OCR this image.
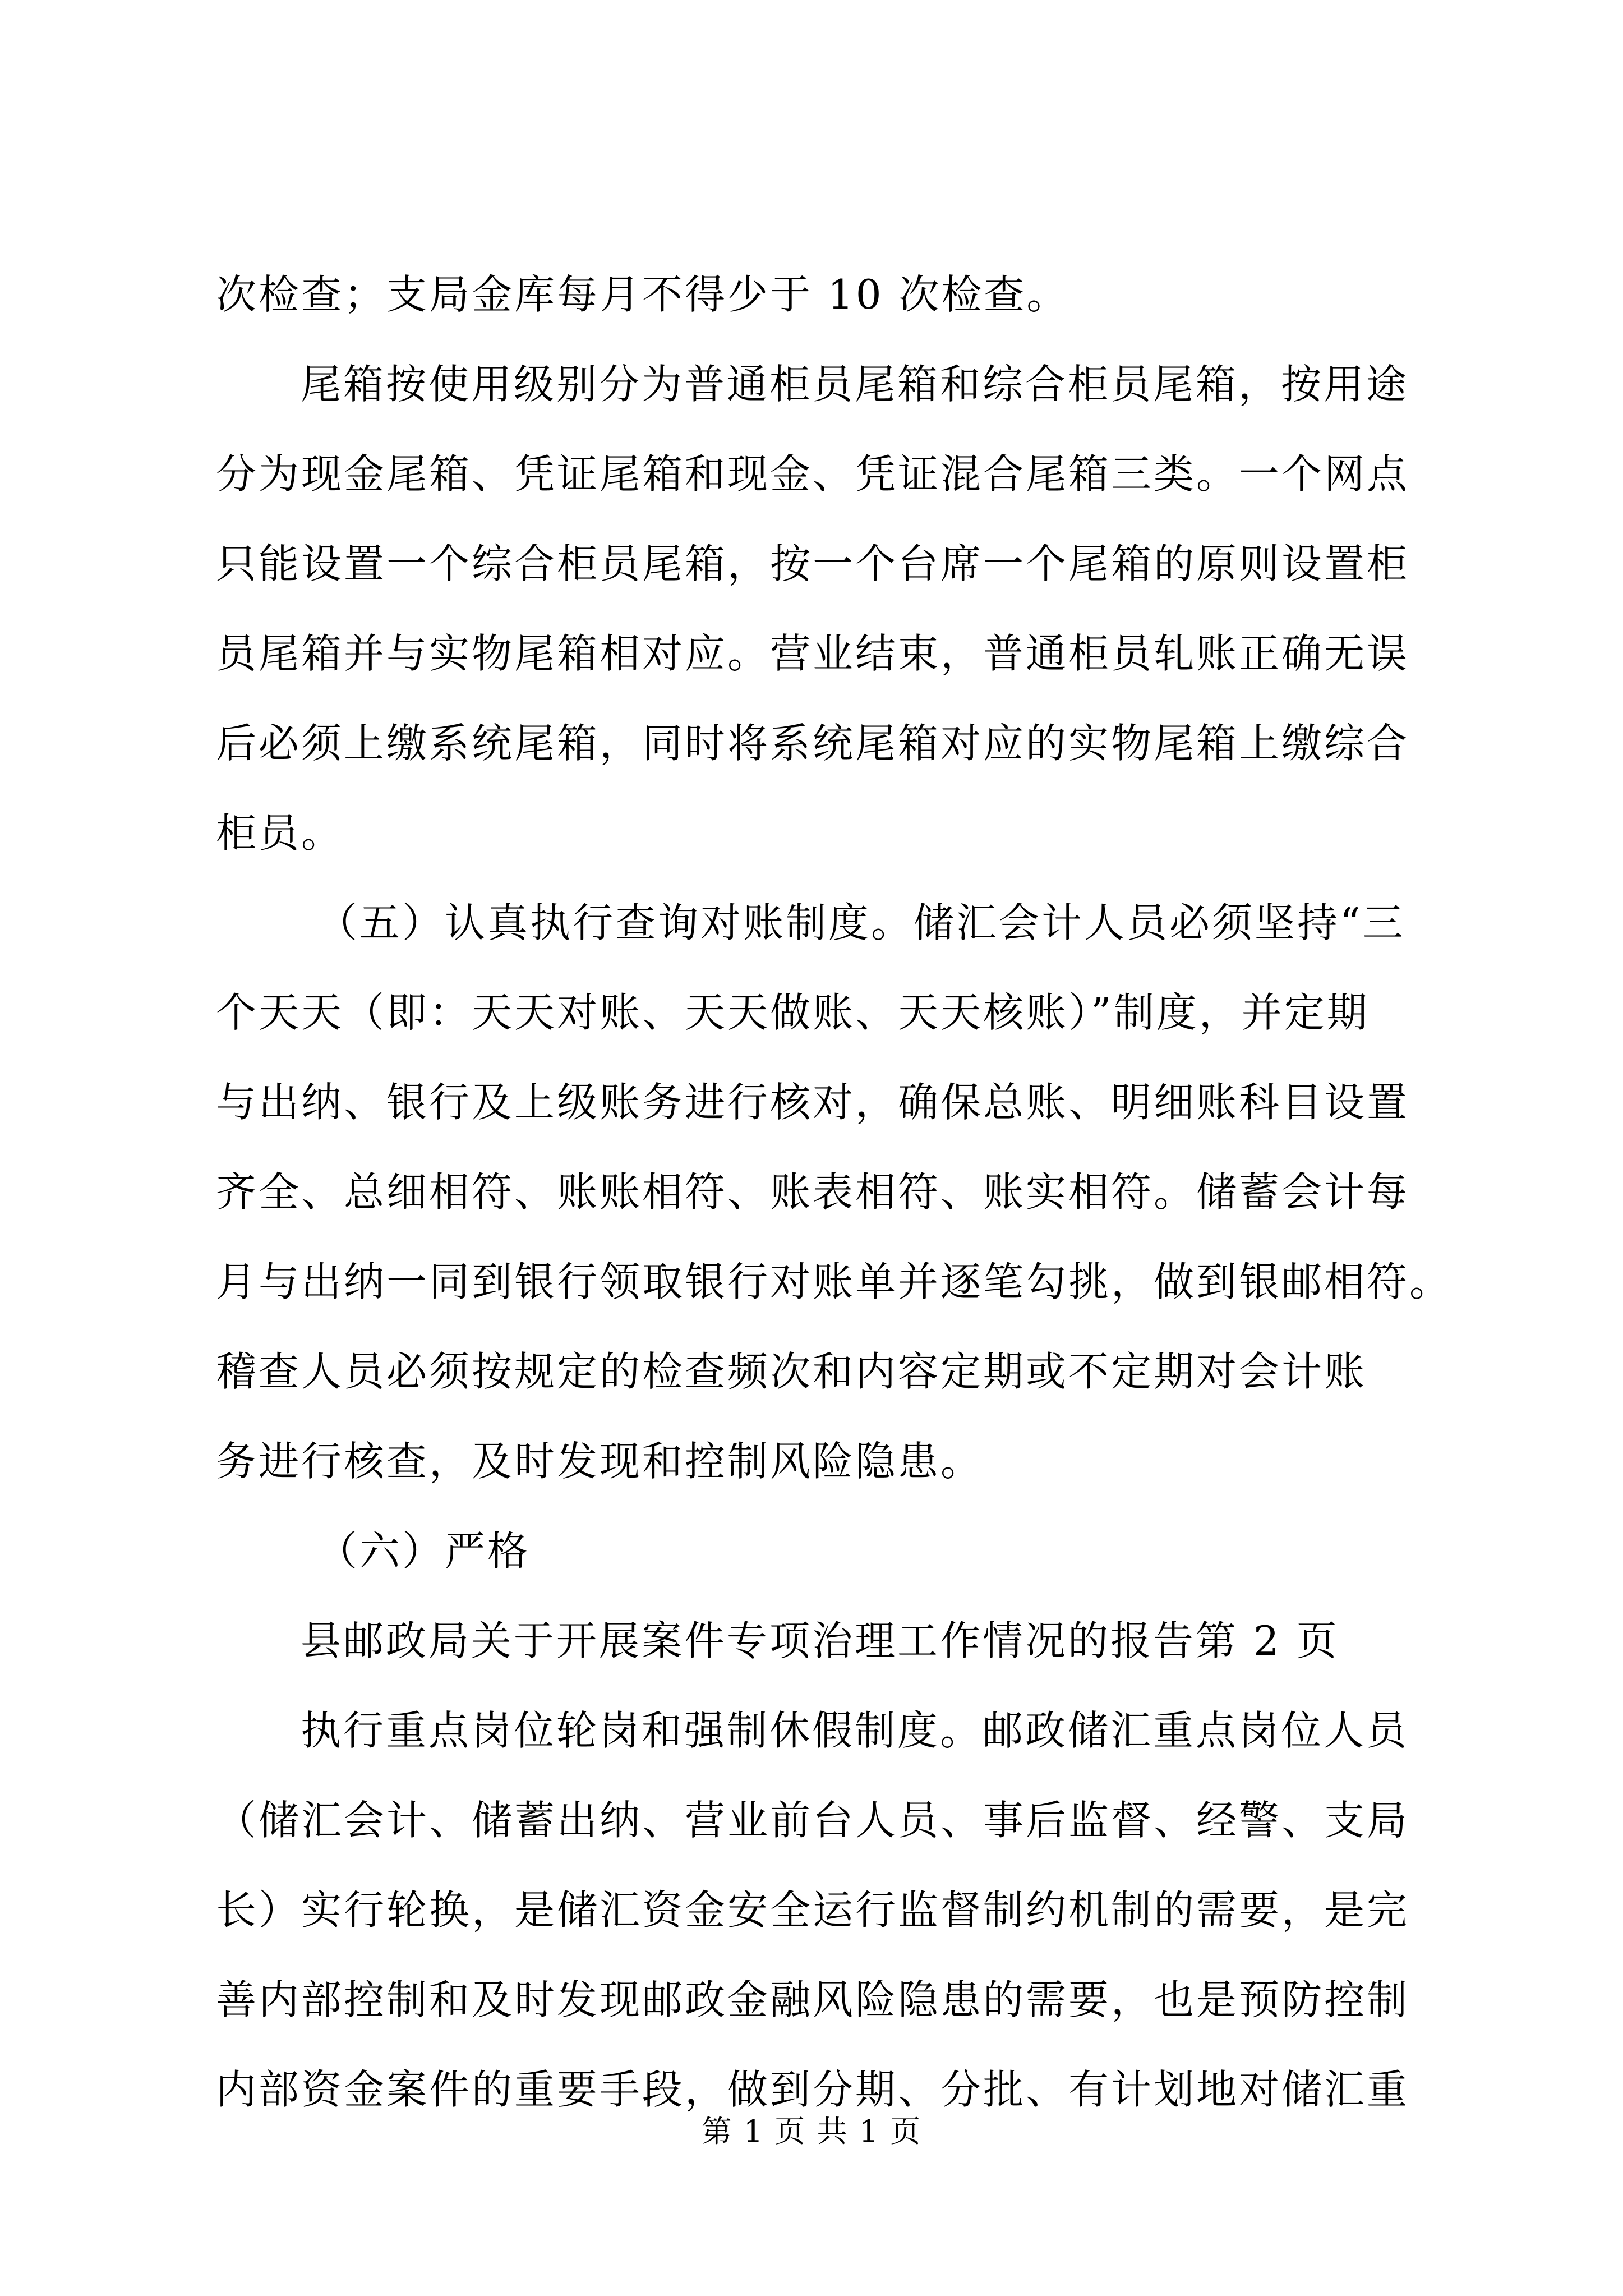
次检查；支局金库每月不得少于 10 次检查。
尾箱按使用级别分为普通柜员尾箱和综合柜员尾箱，按用途
分为现金尾箱、凭证尾箱和现金、凭证混合尾箱三类。一个网点
只能设置一个综合柜员尾箱，按一个台席一个尾箱的原则设置柜
员尾箱并与实物尾箱相对应。营业结束，普通柜员轧账正确无误
后必须上缴系统尾箱，同时将系统尾箱对应的实物尾箱上缴综合
柜员。
（五）认真执行查询对账制度。储汇会计人员必须坚持“三
个天天（即：天天对账、天天做账、天天核账）”制度，并定期
与出纳、银行及上级账务进行核对，确保总账、明细账科目设置
齐全、总细相符、账账相符、账表相符、账实相符。储蓄会计每
月与出纳一同到银行领取银行对账单并逐笔勾挑，做到银邮相符。
稽查人员必须按规定的检查频次和内容定期或不定期对会计账
务进行核查，及时发现和控制风险隐患。
（六）严格
县邮政局关于开展案件专项治理工作情况的报告第 2 页
执行重点岗位轮岗和强制休假制度。邮政储汇重点岗位人员
（储汇会计、储蓄出纳、营业前台人员、事后监督、经警、支局
长）实行轮换，是储汇资金安全运行监督制约机制的需要，是完
善内部控制和及时发现邮政金融风险隐患的需要，也是预防控制
内部资金案件的重要手段，做到分期、分批、有计划地对储汇重
第 1 页 共 1 页
